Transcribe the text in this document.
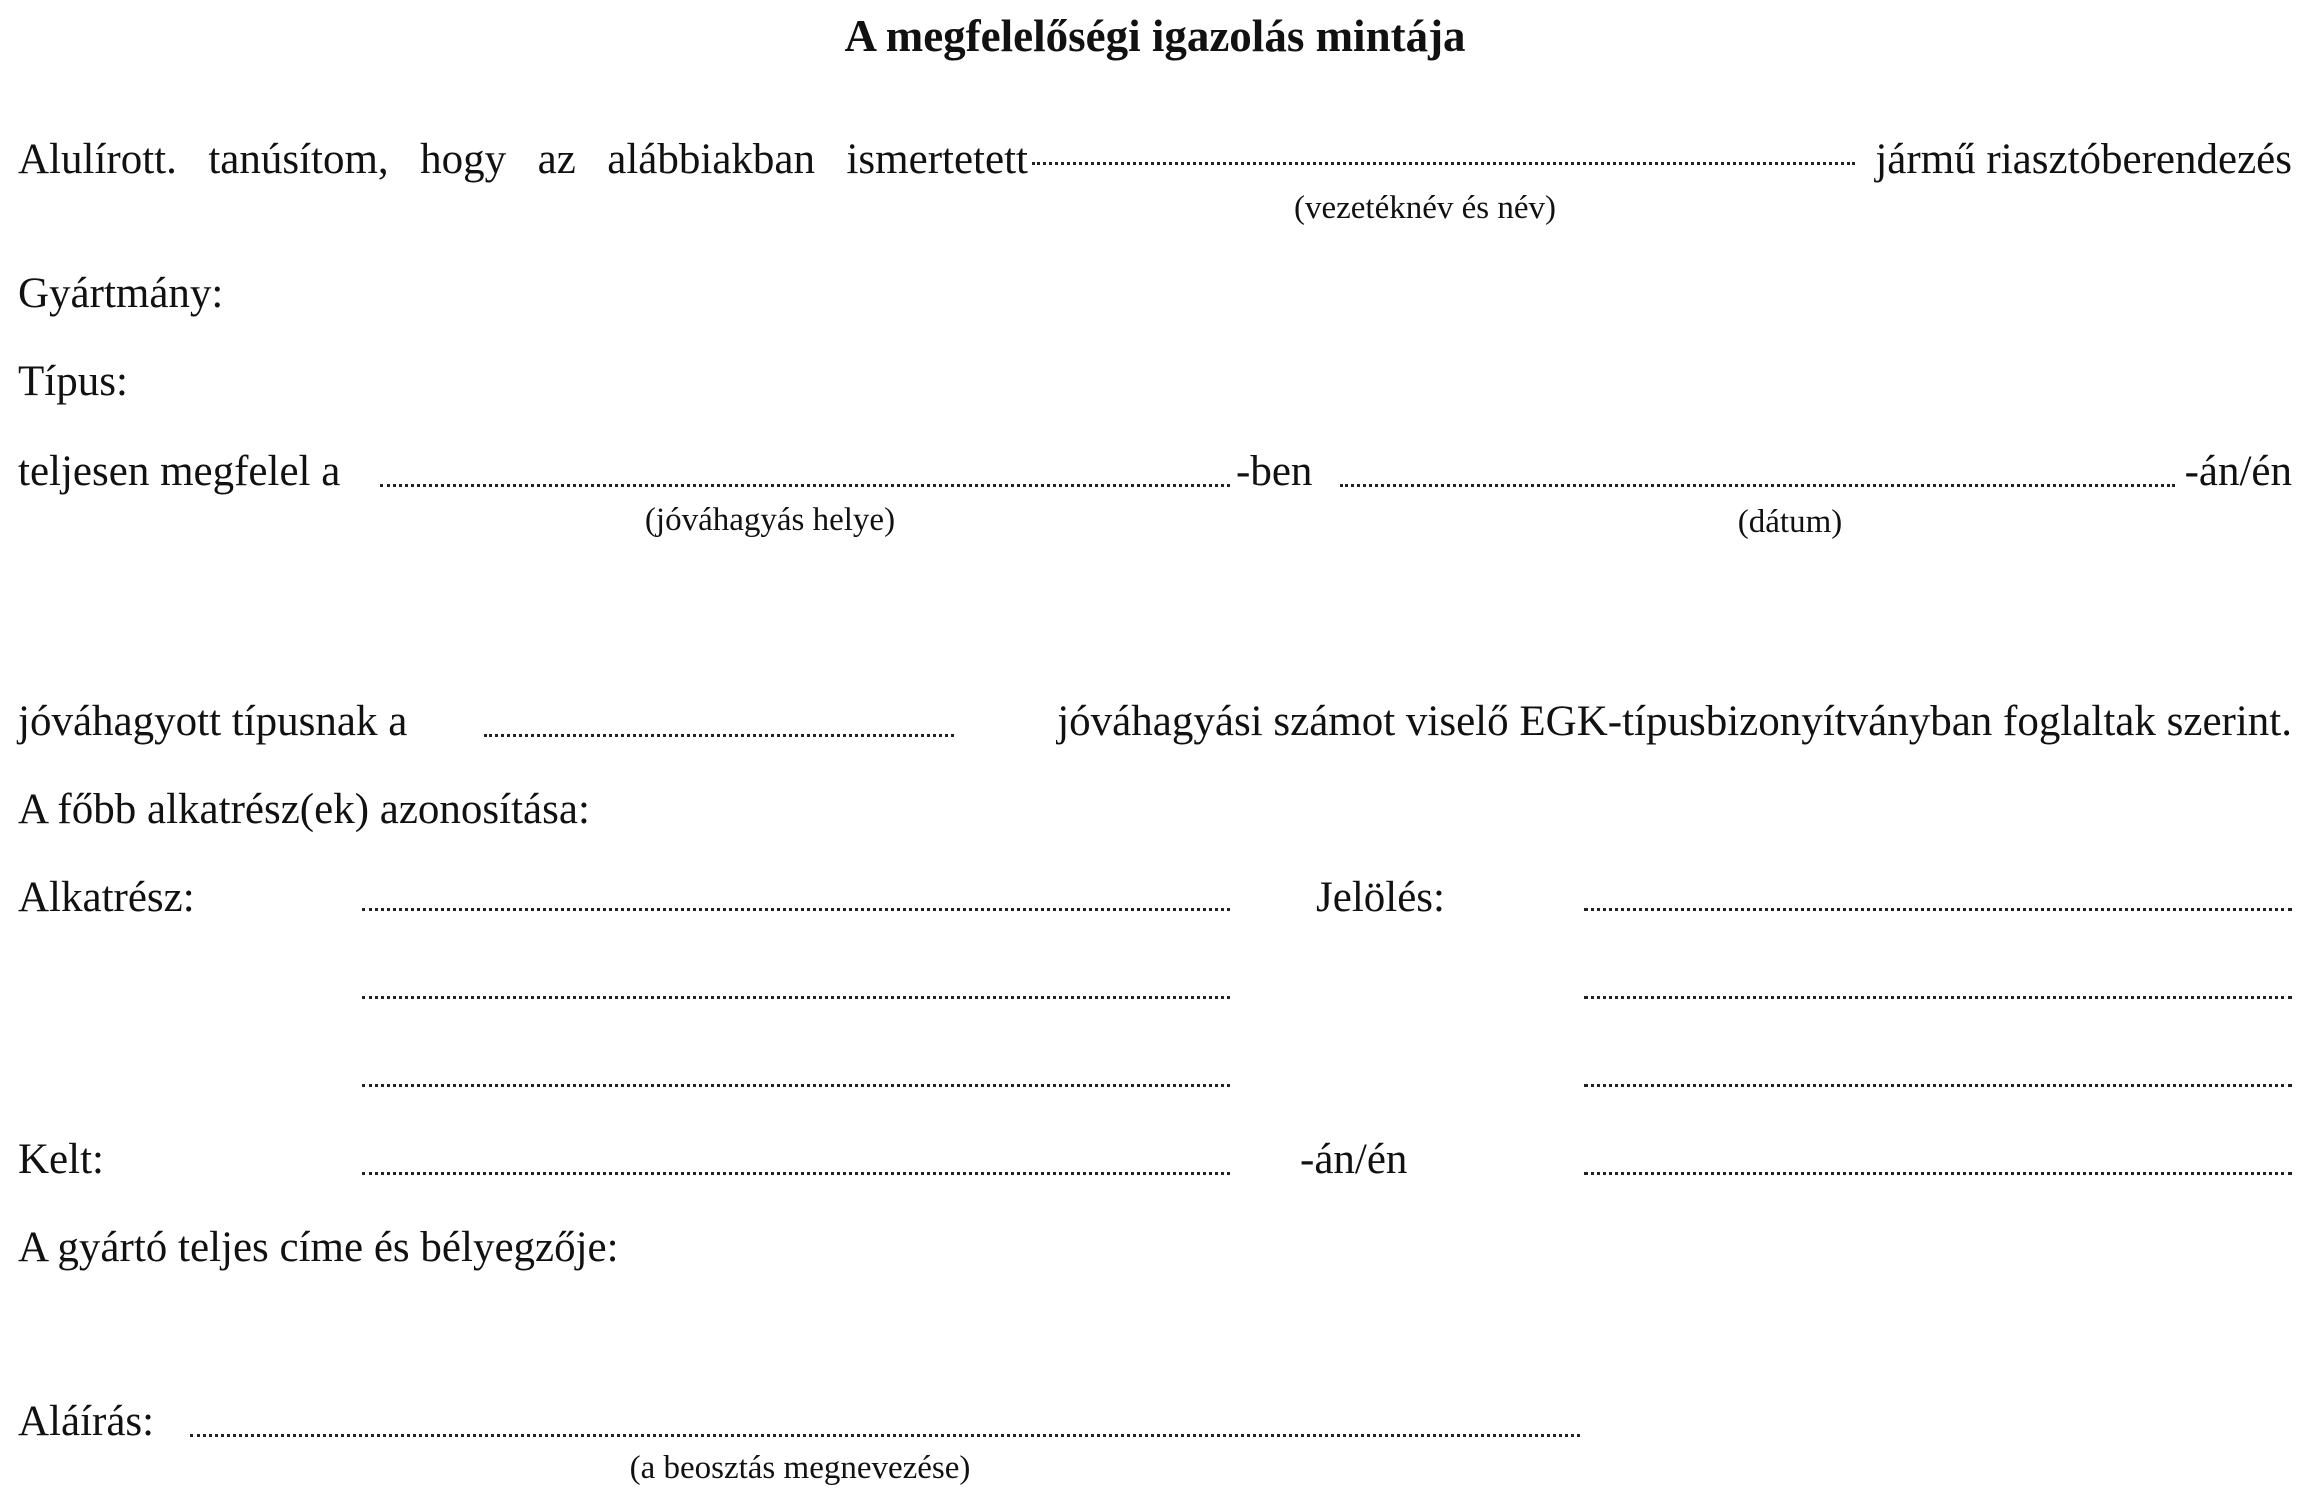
A megfelelőségi igazolás mintája
Alulírott. tanúsítom, hogy az alábbiakban ismertetett	jármű riasztóberendezés
(vezetéknév és név)
Gyártmány:
Típus:
teljesen megfelel a	-ben	-án/én
(jóváhagyás helye)	(dátum)
jóváhagyott típusnak a	jóváhagyási számot viselő EGK-típusbizonyítványban foglaltak szerint.
A főbb alkatrész(ek) azonosítása:
Alkatrész:	Jelölés:
Kelt:	-án/én
A gyártó teljes címe és bélyegzője:
Aláírás:
(a beosztás megnevezése)
